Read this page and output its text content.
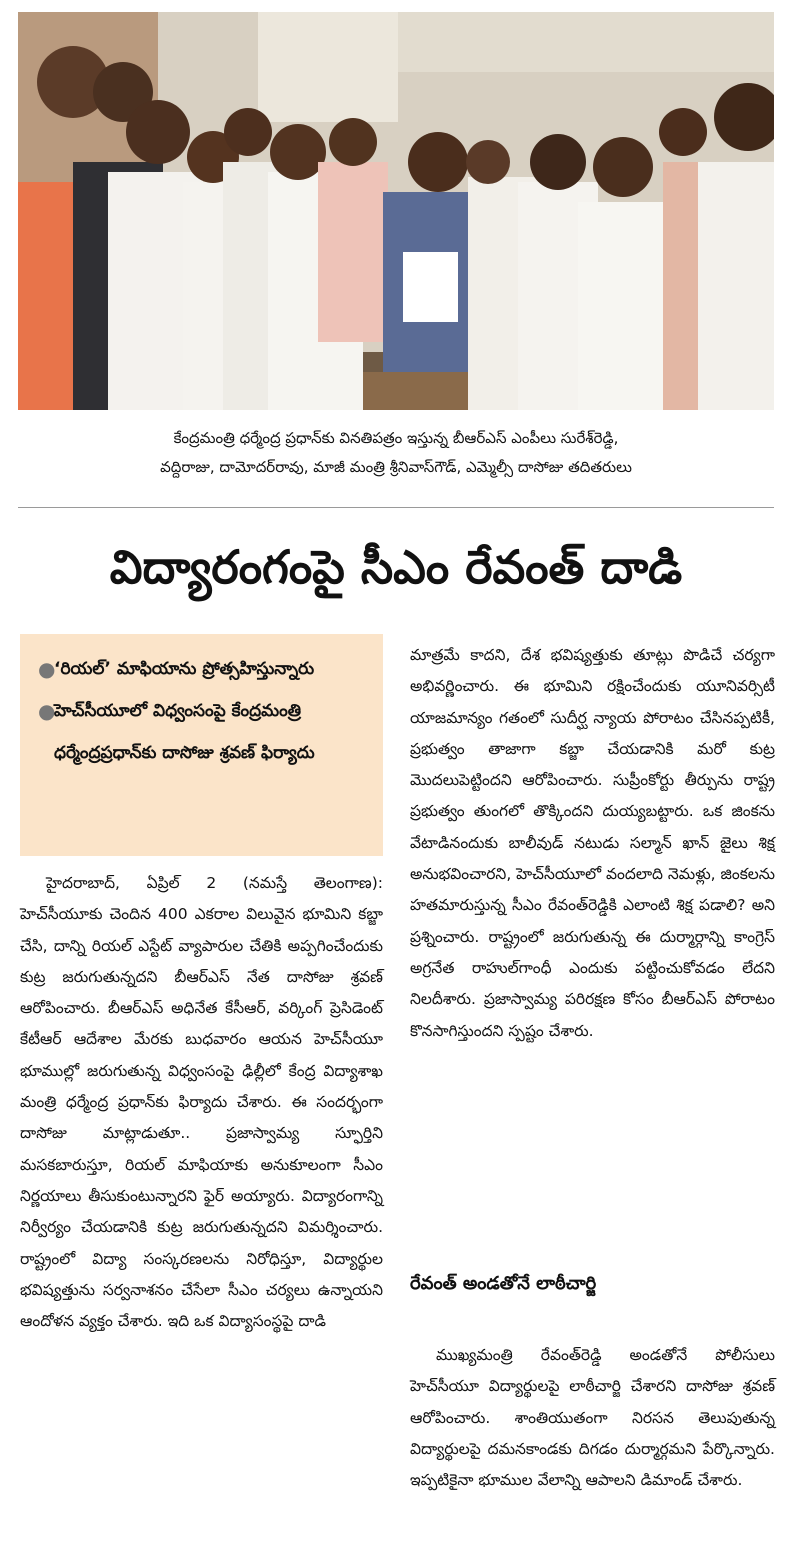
కేంద్రమంత్రి ధర్మేంద్ర ప్రధాన్‌కు వినతిపత్రం ఇస్తున్న బీఆర్‌ఎస్‌ ఎంపీలు సురేశ్‌రెడ్డి,
వద్దిరాజు, దామోదర్‌రావు, మాజీ మంత్రి శ్రీనివాస్‌గౌడ్‌, ఎమ్మెల్సీ దాసోజు తదితరులు
విద్యారంగంపై సీఎం రేవంత్‌ దాడి
●
‘రియల్‌’ మాఫియాను ప్రోత్సహిస్తున్నారు
●
హెచ్‌సీయూలో విధ్వంసంపై కేంద్రమంత్రి ధర్మేంద్రప్రధాన్‌కు దాసోజు శ్రవణ్‌ ఫిర్యాదు

హైదరాబాద్‌, ఏప్రిల్‌ 2 (నమస్తే తెలంగాణ): హెచ్‌సీయూకు చెందిన 400 ఎకరాల విలువైన భూమిని కబ్జా చేసి, దాన్ని రియల్‌ ఎస్టేట్‌ వ్యాపారుల చేతికి అప్పగించేందుకు కుట్ర జరుగుతున్నదని బీఆర్‌ఎస్‌ నేత దాసోజు శ్రవణ్‌ ఆరోపించారు. బీఆర్‌ఎస్‌ అధినేత కేసీఆర్‌, వర్కింగ్‌ ప్రెసిడెంట్‌ కేటీఆర్‌ ఆదేశాల మేరకు బుధవారం ఆయన హెచ్‌సీయూ భూముల్లో జరుగుతున్న విధ్వంసంపై ఢిల్లీలో కేంద్ర విద్యాశాఖ మంత్రి ధర్మేంద్ర ప్రధాన్‌కు ఫిర్యాదు చేశారు. ఈ సందర్భంగా దాసోజు మాట్లాడుతూ.. ప్రజాస్వామ్య స్ఫూర్తిని మసకబారుస్తూ, రియల్‌ మాఫియాకు అనుకూలంగా సీఎం నిర్ణయాలు తీసుకుంటున్నారని ఫైర్‌ అయ్యారు. విద్యారంగాన్ని నిర్వీర్యం చేయడానికి కుట్ర జరుగుతున్నదని విమర్శించారు. రాష్ట్రంలో విద్యా సంస్కరణలను నిరోధిస్తూ, విద్యార్థుల భవిష్యత్తును సర్వనాశనం చేసేలా సీఎం చర్యలు ఉన్నాయని ఆందోళన వ్యక్తం చేశారు. ఇది ఒక విద్యాసంస్థపై దాడి

మాత్రమే కాదని, దేశ భవిష్యత్తుకు తూట్లు పొడిచే చర్యగా అభివర్ణించారు. ఈ భూమిని రక్షించేందుకు యూనివర్సిటీ యాజమాన్యం గతంలో సుదీర్ఘ న్యాయ పోరాటం చేసినప్పటికీ, ప్రభుత్వం తాజాగా కబ్జా చేయడానికి మరో కుట్ర మొదలుపెట్టిందని ఆరోపించారు. సుప్రీంకోర్టు తీర్పును రాష్ట్ర ప్రభుత్వం తుంగలో తొక్కిందని దుయ్యబట్టారు. ఒక జింకను వేటాడినందుకు బాలీవుడ్‌ నటుడు సల్మాన్‌ ఖాన్‌ జైలు శిక్ష అనుభవించారని, హెచ్‌సీయూలో వందలాది నెమళ్లు, జింకలను హతమారుస్తున్న సీఎం రేవంత్‌రెడ్డికి ఎలాంటి శిక్ష పడాలి? అని ప్రశ్నించారు. రాష్ట్రంలో జరుగుతున్న ఈ దుర్మార్గాన్ని కాంగ్రెస్‌ అగ్రనేత రాహుల్‌గాంధీ ఎందుకు పట్టించుకోవడం లేదని నిలదీశారు. ప్రజాస్వామ్య పరిరక్షణ కోసం బీఆర్‌ఎస్‌ పోరాటం కొనసాగిస్తుందని స్పష్టం చేశారు.

రేవంత్‌ అండతోనే లాఠీచార్జి

ముఖ్యమంత్రి రేవంత్‌రెడ్డి అండతోనే పోలీసులు హెచ్‌సీయూ విద్యార్థులపై లాఠీచార్జి చేశారని దాసోజు శ్రవణ్‌ ఆరోపించారు. శాంతియుతంగా నిరసన తెలుపుతున్న విద్యార్థులపై దమనకాండకు దిగడం దుర్మార్గమని పేర్కొన్నారు. ఇప్పటికైనా భూముల వేలాన్ని ఆపాలని డిమాండ్‌ చేశారు.
